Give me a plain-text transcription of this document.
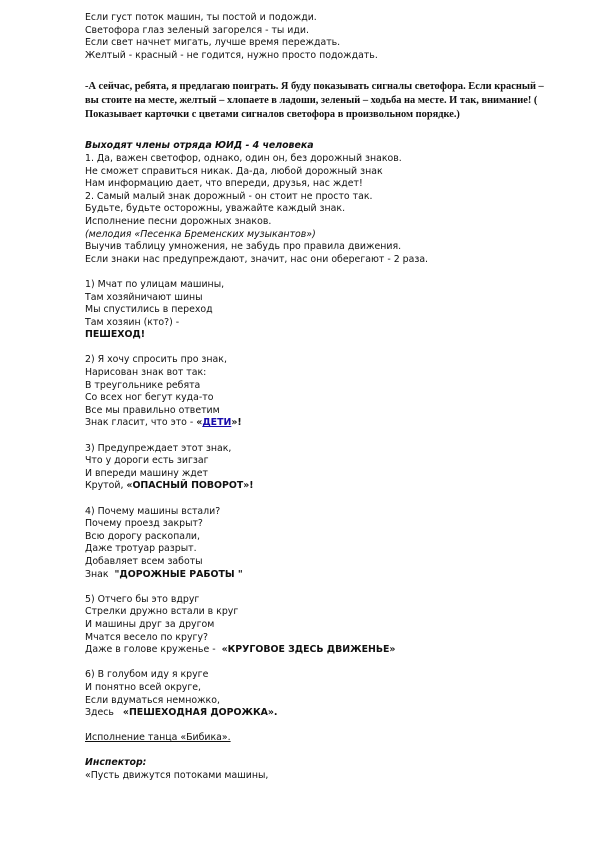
Если густ поток машин, ты постой и подожди.
Светофора глаз зеленый загорелся - ты иди.
Если свет начнет мигать, лучше время переждать.
Желтый - красный - не годится, нужно просто подождать.
-А сейчас, ребята, я предлагаю поиграть. Я буду показывать сигналы светофора. Если красный – вы стоите на месте, желтый – хлопаете в ладоши, зеленый – ходьба на месте. И так, внимание! ( Показывает карточки с цветами сигналов светофора в произвольном порядке.)
Выходят члены отряда ЮИД - 4 человека
1. Да, важен светофор, однако, один он, без дорожный знаков.
Не сможет справиться никак. Да-да, любой дорожный знак
Нам информацию дает, что впереди, друзья, нас ждет!
2. Самый малый знак дорожный - он стоит не просто так.
Будьте, будьте осторожны, уважайте каждый знак.
Исполнение песни дорожных знаков.
(мелодия «Песенка Бременских музыкантов»)
Выучив таблицу умножения, не забудь про правила движения.
Если знаки нас предупреждают, значит, нас они оберегают - 2 раза.
1) Мчат по улицам машины,
Там хозяйничают шины
Мы спустились в переход
Там хозяин (кто?) -
ПЕШЕХОД!
2) Я хочу спросить про знак,
Нарисован знак вот так:
В треугольнике ребята
Со всех ног бегут куда-то
Все мы правильно ответим
Знак гласит, что это - «ДЕТИ»!
3) Предупреждает этот знак,
Что у дороги есть зигзаг
И впереди машину ждет
Крутой, «ОПАСНЫЙ ПОВОРОТ»!
4) Почему машины встали?
Почему проезд закрыт?
Всю дорогу раскопали,
Даже тротуар разрыт.
Добавляет всем заботы
Знак  "ДОРОЖНЫЕ РАБОТЫ "
5) Отчего бы это вдруг
Стрелки дружно встали в круг
И машины друг за другом
Мчатся весело по кругу?
Даже в голове круженье -  «КРУГОВОЕ ЗДЕСЬ ДВИЖЕНЬЕ»
6) В голубом иду я круге
И понятно всей округе,
Если вдуматься немножко,
Здесь   «ПЕШЕХОДНАЯ ДОРОЖКА».
Исполнение танца «Бибика».
Инспектор:
«Пусть движутся потоками машины,
